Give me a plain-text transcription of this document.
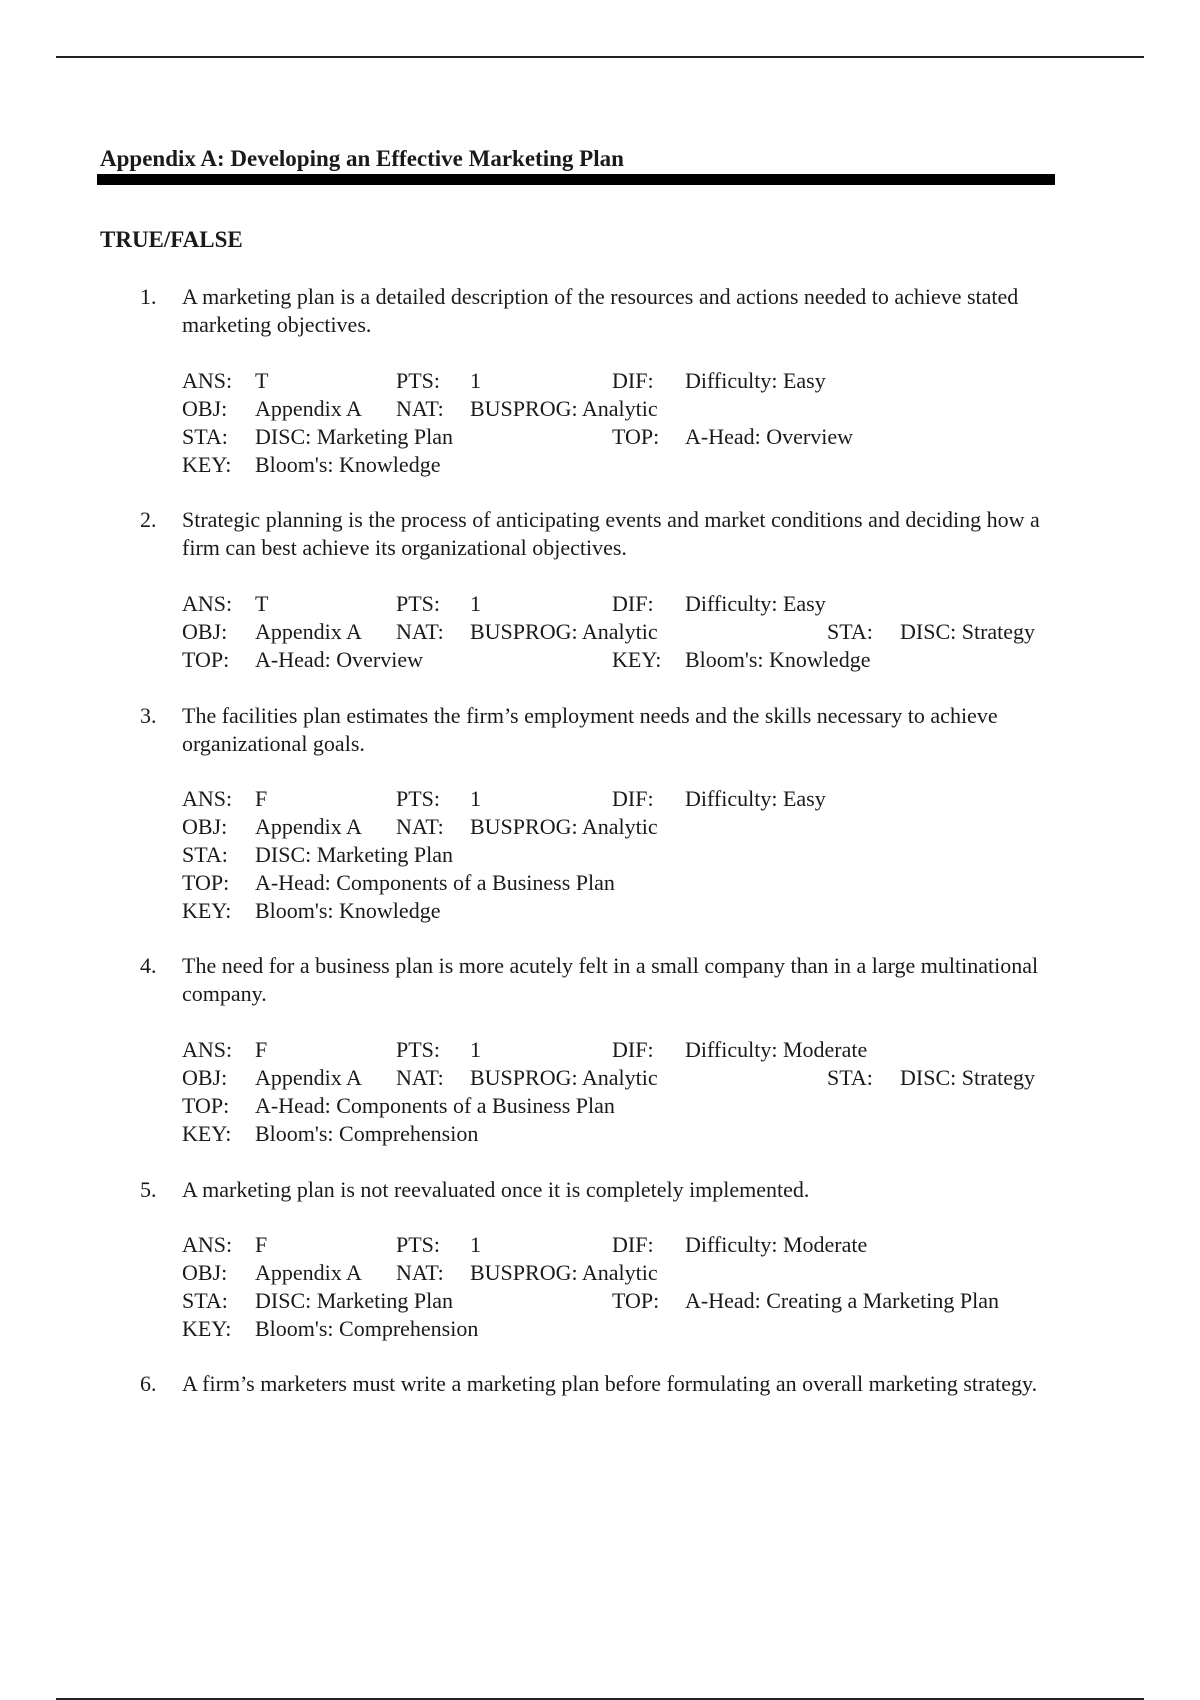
Appendix A: Developing an Effective Marketing Plan
TRUE/FALSE
1.	A marketing plan is a detailed description of the resources and actions needed to achieve stated marketing objectives.
ANS: T	PTS: 1	DIF: Difficulty: Easy
OBJ: Appendix A NAT: BUSPROG: Analytic
STA: DISC: Marketing Plan	TOP: A-Head: Overview
KEY: Bloom's: Knowledge
2.	Strategic planning is the process of anticipating events and market conditions and deciding how a firm can best achieve its organizational objectives.
ANS: T	PTS: 1	DIF: Difficulty: Easy
OBJ: Appendix A NAT: BUSPROG: Analytic	STA: DISC: Strategy
TOP: A-Head: Overview	KEY: Bloom's: Knowledge
3.	The facilities plan estimates the firm’s employment needs and the skills necessary to achieve organizational goals.
ANS: F	PTS: 1	DIF: Difficulty: Easy
OBJ: Appendix A NAT: BUSPROG: Analytic
STA: DISC: Marketing Plan
TOP: A-Head: Components of a Business Plan
KEY: Bloom's: Knowledge
4.	The need for a business plan is more acutely felt in a small company than in a large multinational company.
ANS: F	PTS: 1	DIF: Difficulty: Moderate
OBJ: Appendix A NAT: BUSPROG: Analytic	STA: DISC: Strategy
TOP: A-Head: Components of a Business Plan
KEY: Bloom's: Comprehension
5.	A marketing plan is not reevaluated once it is completely implemented.
ANS: F	PTS: 1	DIF: Difficulty: Moderate
OBJ: Appendix A NAT: BUSPROG: Analytic
STA: DISC: Marketing Plan	TOP: A-Head: Creating a Marketing Plan
KEY: Bloom's: Comprehension
6.	A firm’s marketers must write a marketing plan before formulating an overall marketing strategy.
